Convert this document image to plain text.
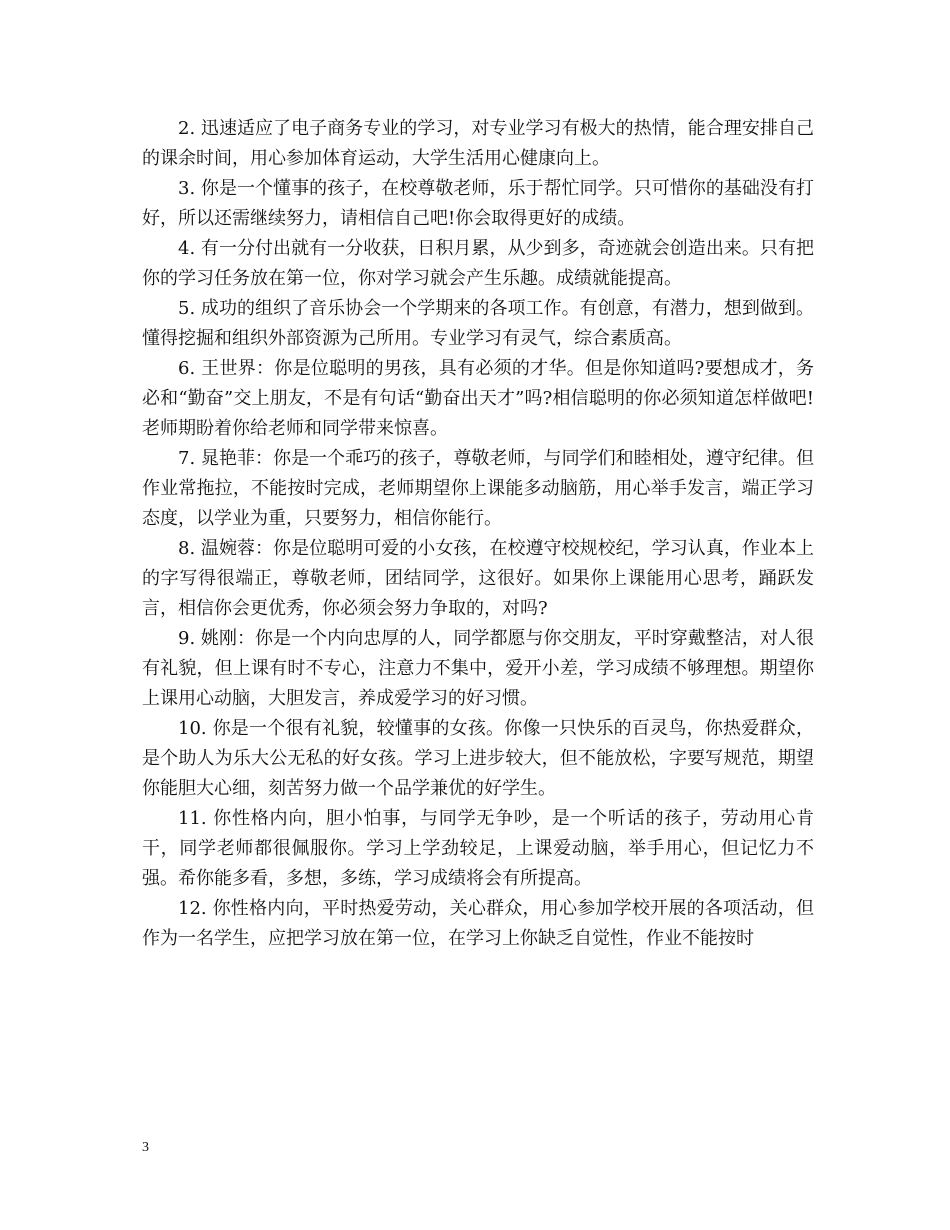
2. 迅速适应了电子商务专业的学习，对专业学习有极大的热情，能合理安排自己的课余时间，用心参加体育运动，大学生活用心健康向上。

3. 你是一个懂事的孩子，在校尊敬老师，乐于帮忙同学。只可惜你的基础没有打好，所以还需继续努力，请相信自己吧!你会取得更好的成绩。

4. 有一分付出就有一分收获，日积月累，从少到多，奇迹就会创造出来。只有把你的学习任务放在第一位，你对学习就会产生乐趣。成绩就能提高。

5. 成功的组织了音乐协会一个学期来的各项工作。有创意，有潜力，想到做到。懂得挖掘和组织外部资源为己所用。专业学习有灵气，综合素质高。

6. 王世界：你是位聪明的男孩，具有必须的才华。但是你知道吗?要想成才，务必和“勤奋”交上朋友，不是有句话“勤奋出天才”吗?相信聪明的你必须知道怎样做吧!老师期盼着你给老师和同学带来惊喜。

7. 晁艳菲：你是一个乖巧的孩子，尊敬老师，与同学们和睦相处，遵守纪律。但作业常拖拉，不能按时完成，老师期望你上课能多动脑筋，用心举手发言，端正学习态度，以学业为重，只要努力，相信你能行。

8. 温婉蓉：你是位聪明可爱的小女孩，在校遵守校规校纪，学习认真，作业本上的字写得很端正，尊敬老师，团结同学，这很好。如果你上课能用心思考，踊跃发言，相信你会更优秀，你必须会努力争取的，对吗?

9. 姚刚：你是一个内向忠厚的人，同学都愿与你交朋友，平时穿戴整洁，对人很有礼貌，但上课有时不专心，注意力不集中，爱开小差，学习成绩不够理想。期望你上课用心动脑，大胆发言，养成爱学习的好习惯。

10. 你是一个很有礼貌，较懂事的女孩。你像一只快乐的百灵鸟，你热爱群众，是个助人为乐大公无私的好女孩。学习上进步较大，但不能放松，字要写规范，期望你能胆大心细，刻苦努力做一个品学兼优的好学生。

11. 你性格内向，胆小怕事，与同学无争吵，是一个听话的孩子，劳动用心肯干，同学老师都很佩服你。学习上学劲较足，上课爱动脑，举手用心，但记忆力不强。希你能多看，多想，多练，学习成绩将会有所提高。

12. 你性格内向，平时热爱劳动，关心群众，用心参加学校开展的各项活动，但作为一名学生，应把学习放在第一位，在学习上你缺乏自觉性，作业不能按时

3
